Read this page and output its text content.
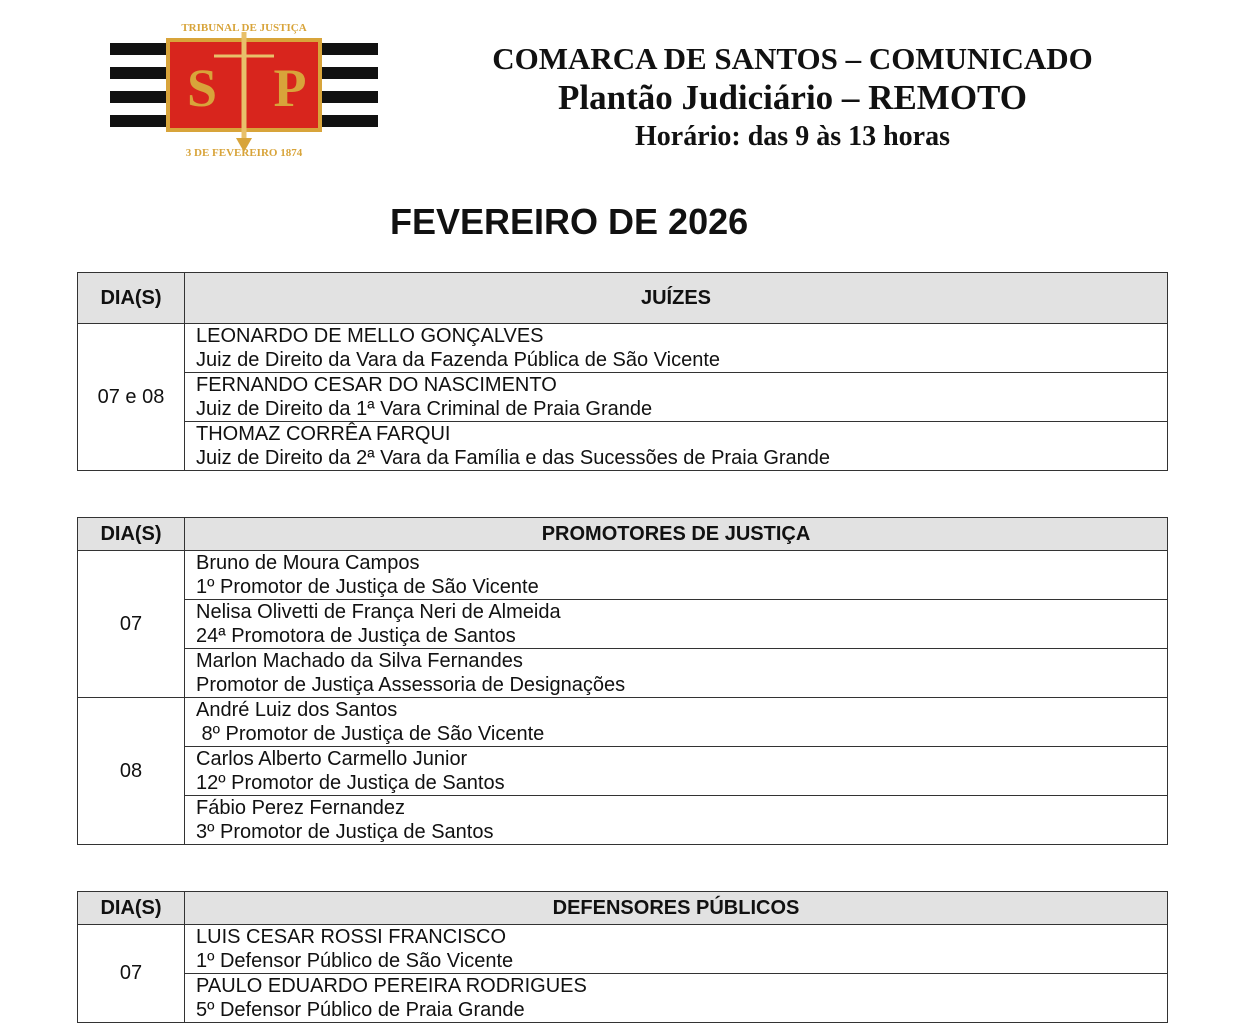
TRIBUNAL DE JUSTIÇA
3 DE FEVEREIRO 1874
S P	COMARCA DE SANTOS – COMUNICADO
Plantão Judiciário – REMOTO
Horário: das 9 às 13 horas
FEVEREIRO DE 2026
DIA(S)	JUÍZES
07 e 08	LEONARDO DE MELLO GONÇALVES
Juiz de Direito da Vara da Fazenda Pública de São Vicente

	FERNANDO CESAR DO NASCIMENTO
Juiz de Direito da 1ª Vara Criminal de Praia Grande

	THOMAZ CORRÊA FARQUI
Juiz de Direito da 2ª Vara da Família e das Sucessões de Praia Grande
DIA(S)	PROMOTORES DE JUSTIÇA
07	Bruno de Moura Campos
1º Promotor de Justiça de São Vicente

	Nelisa Olivetti de França Neri de Almeida
24ª Promotora de Justiça de Santos

	Marlon Machado da Silva Fernandes
Promotor de Justiça Assessoria de Designações

08	André Luiz dos Santos
8º Promotor de Justiça de São Vicente

	Carlos Alberto Carmello Junior
12º Promotor de Justiça de Santos

	Fábio Perez Fernandez
3º Promotor de Justiça de Santos
DIA(S)	DEFENSORES PÚBLICOS
07	LUIS CESAR ROSSI FRANCISCO
1º Defensor Público de São Vicente

	PAULO EDUARDO PEREIRA RODRIGUES
5º Defensor Público de Praia Grande
